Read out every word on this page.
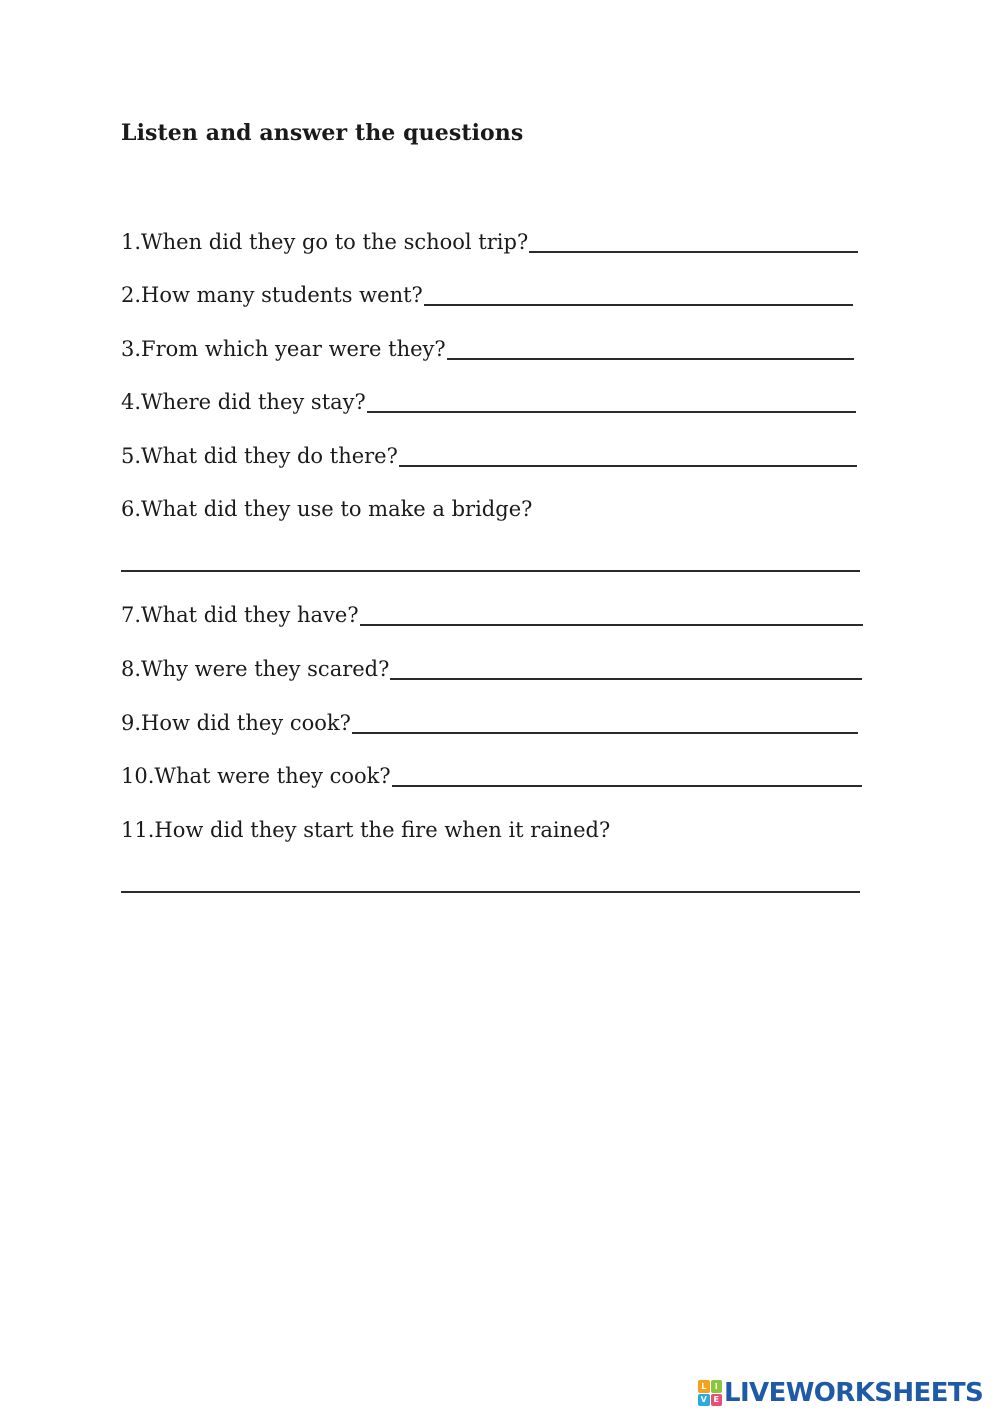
Listen and answer the questions
1.When did they go to the school trip?
2.How many students went?
3.From which year were they?
4.Where did they stay?
5.What did they do there?
6.What did they use to make a bridge?
7.What did they have?
8.Why were they scared?
9.How did they cook?
10.What were they cook?
11.How did they start the fire when it rained?
L	I
V E LIVEWORKSHEETS
